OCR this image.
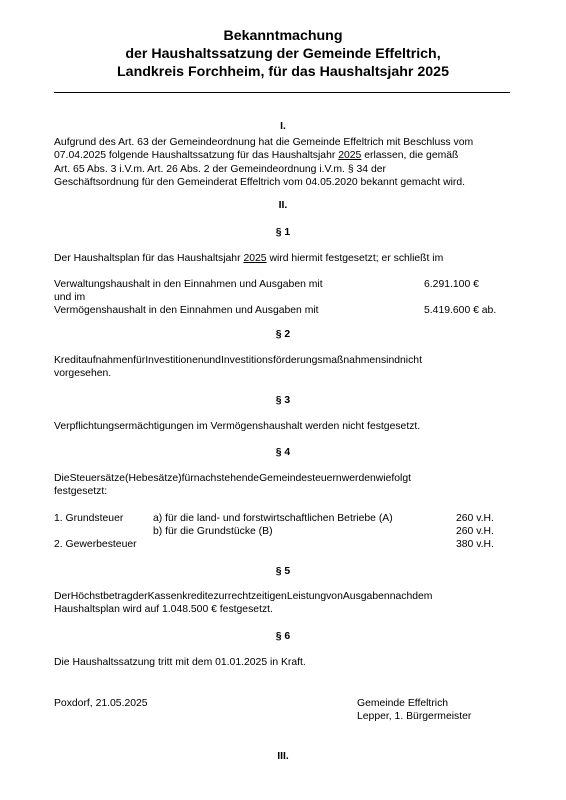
Bekanntmachung
der Haushaltssatzung der Gemeinde Effeltrich,
Landkreis Forchheim, für das Haushaltsjahr 2025
I.
Aufgrund des Art. 63 der Gemeindeordnung hat die Gemeinde Effeltrich mit Beschluss vom
07.04.2025 folgende Haushaltssatzung für das Haushaltsjahr 2025 erlassen, die gemäß
Art. 65 Abs. 3 i.V.m. Art. 26 Abs. 2 der Gemeindeordnung i.V.m. § 34 der
Geschäftsordnung für den Gemeinderat Effeltrich vom 04.05.2020 bekannt gemacht wird.
II.
§ 1
Der Haushaltsplan für das Haushaltsjahr 2025 wird hiermit festgesetzt; er schließt im
Verwaltungshaushalt in den Einnahmen und Ausgaben mit	6.291.100 €
und im
Vermögenshaushalt in den Einnahmen und Ausgaben mit	5.419.600 € ab.
§ 2
KreditaufnahmenfürInvestitionenundInvestitionsförderungsmaßnahmensindnicht
vorgesehen.
§ 3
Verpflichtungsermächtigungen im Vermögenshaushalt werden nicht festgesetzt.
§ 4
DieSteuersätze(Hebesätze)fürnachstehendeGemeindesteuernwerdenwiefolgt
festgesetzt:
1. Grundsteuer	a) für die land- und forstwirtschaftlichen Betriebe (A)	260 v.H.
b) für die Grundstücke (B)	260 v.H.
2. Gewerbesteuer	380 v.H.
§ 5
DerHöchstbetragderKassenkreditezurrechtzeitigenLeistungvonAusgabennachdem
Haushaltsplan wird auf 1.048.500 € festgesetzt.
§ 6
Die Haushaltssatzung tritt mit dem 01.01.2025 in Kraft.
Poxdorf, 21.05.2025	Gemeinde Effeltrich
Lepper, 1. Bürgermeister
III.
